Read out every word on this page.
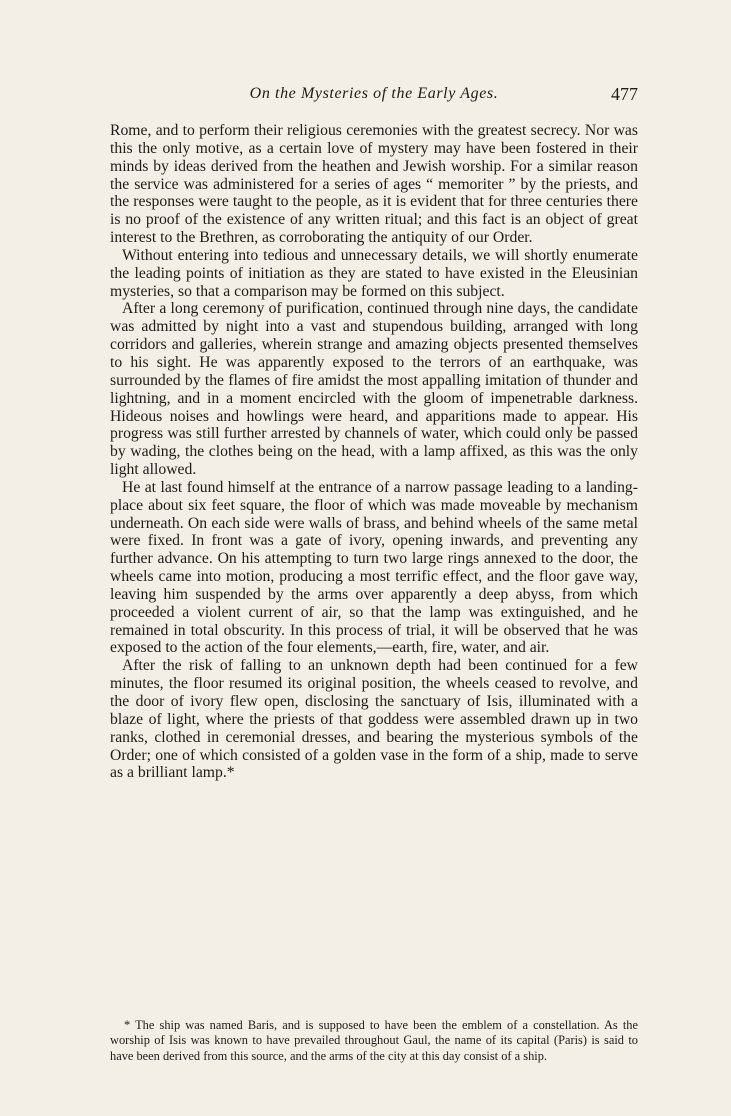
On the Mysteries of the Early Ages.	477

Rome, and to perform their religious ceremonies with the greatest secrecy. Nor was this the only motive, as a certain love of mystery may have been fostered in their minds by ideas derived from the heathen and Jewish worship. For a similar reason the service was administered for a series of ages “ memoriter ” by the priests, and the responses were taught to the people, as it is evident that for three centuries there is no proof of the existence of any written ritual; and this fact is an object of great interest to the Brethren, as corroborating the antiquity of our Order.

Without entering into tedious and unnecessary details, we will shortly enumerate the leading points of initiation as they are stated to have existed in the Eleusinian mysteries, so that a comparison may be formed on this subject.

After a long ceremony of purification, continued through nine days, the candidate was admitted by night into a vast and stupendous building, arranged with long corridors and galleries, wherein strange and amazing objects presented themselves to his sight. He was apparently exposed to the terrors of an earthquake, was surrounded by the flames of fire amidst the most appalling imitation of thunder and lightning, and in a moment encircled with the gloom of impenetrable darkness. Hideous noises and howlings were heard, and apparitions made to appear. His progress was still further arrested by channels of water, which could only be passed by wading, the clothes being on the head, with a lamp affixed, as this was the only light allowed.

He at last found himself at the entrance of a narrow passage leading to a landing-place about six feet square, the floor of which was made moveable by mechanism underneath. On each side were walls of brass, and behind wheels of the same metal were fixed. In front was a gate of ivory, opening inwards, and preventing any further advance. On his attempting to turn two large rings annexed to the door, the wheels came into motion, producing a most terrific effect, and the floor gave way, leaving him suspended by the arms over apparently a deep abyss, from which proceeded a violent current of air, so that the lamp was extinguished, and he remained in total obscurity. In this process of trial, it will be observed that he was exposed to the action of the four elements,—earth, fire, water, and air.

After the risk of falling to an unknown depth had been continued for a few minutes, the floor resumed its original position, the wheels ceased to revolve, and the door of ivory flew open, disclosing the sanctuary of Isis, illuminated with a blaze of light, where the priests of that goddess were assembled drawn up in two ranks, clothed in ceremonial dresses, and bearing the mysterious symbols of the Order; one of which consisted of a golden vase in the form of a ship, made to serve as a brilliant lamp.*

* The ship was named Baris, and is supposed to have been the emblem of a constellation. As the worship of Isis was known to have prevailed throughout Gaul, the name of its capital (Paris) is said to have been derived from this source, and the arms of the city at this day consist of a ship.
